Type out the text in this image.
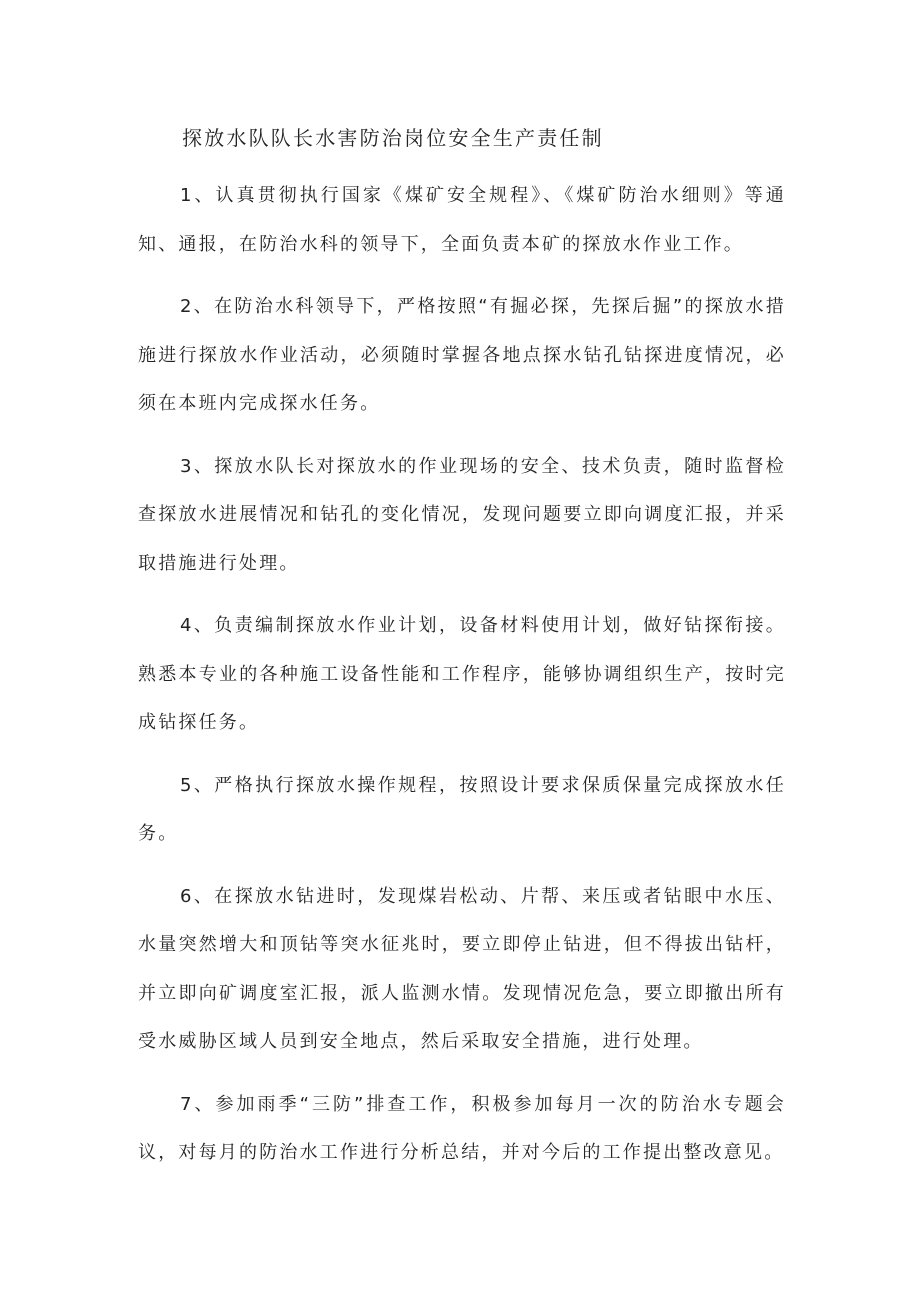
探放水队队长水害防治岗位安全生产责任制

1、认真贯彻执行国家《煤矿安全规程》、《煤矿防治水细则》等通知、通报，在防治水科的领导下，全面负责本矿的探放水作业工作。

2、在防治水科领导下，严格按照“有掘必探，先探后掘”的探放水措施进行探放水作业活动，必须随时掌握各地点探水钻孔钻探进度情况，必须在本班内完成探水任务。

3、探放水队长对探放水的作业现场的安全、技术负责，随时监督检查探放水进展情况和钻孔的变化情况，发现问题要立即向调度汇报，并采取措施进行处理。

4、负责编制探放水作业计划，设备材料使用计划，做好钻探衔接。熟悉本专业的各种施工设备性能和工作程序，能够协调组织生产，按时完成钻探任务。

5、严格执行探放水操作规程，按照设计要求保质保量完成探放水任务。

6、在探放水钻进时，发现煤岩松动、片帮、来压或者钻眼中水压、水量突然增大和顶钻等突水征兆时，要立即停止钻进，但不得拔出钻杆，并立即向矿调度室汇报，派人监测水情。发现情况危急，要立即撤出所有受水威胁区域人员到安全地点，然后采取安全措施，进行处理。

7、参加雨季“三防”排查工作，积极参加每月一次的防治水专题会议，对每月的防治水工作进行分析总结，并对今后的工作提出整改意见。
